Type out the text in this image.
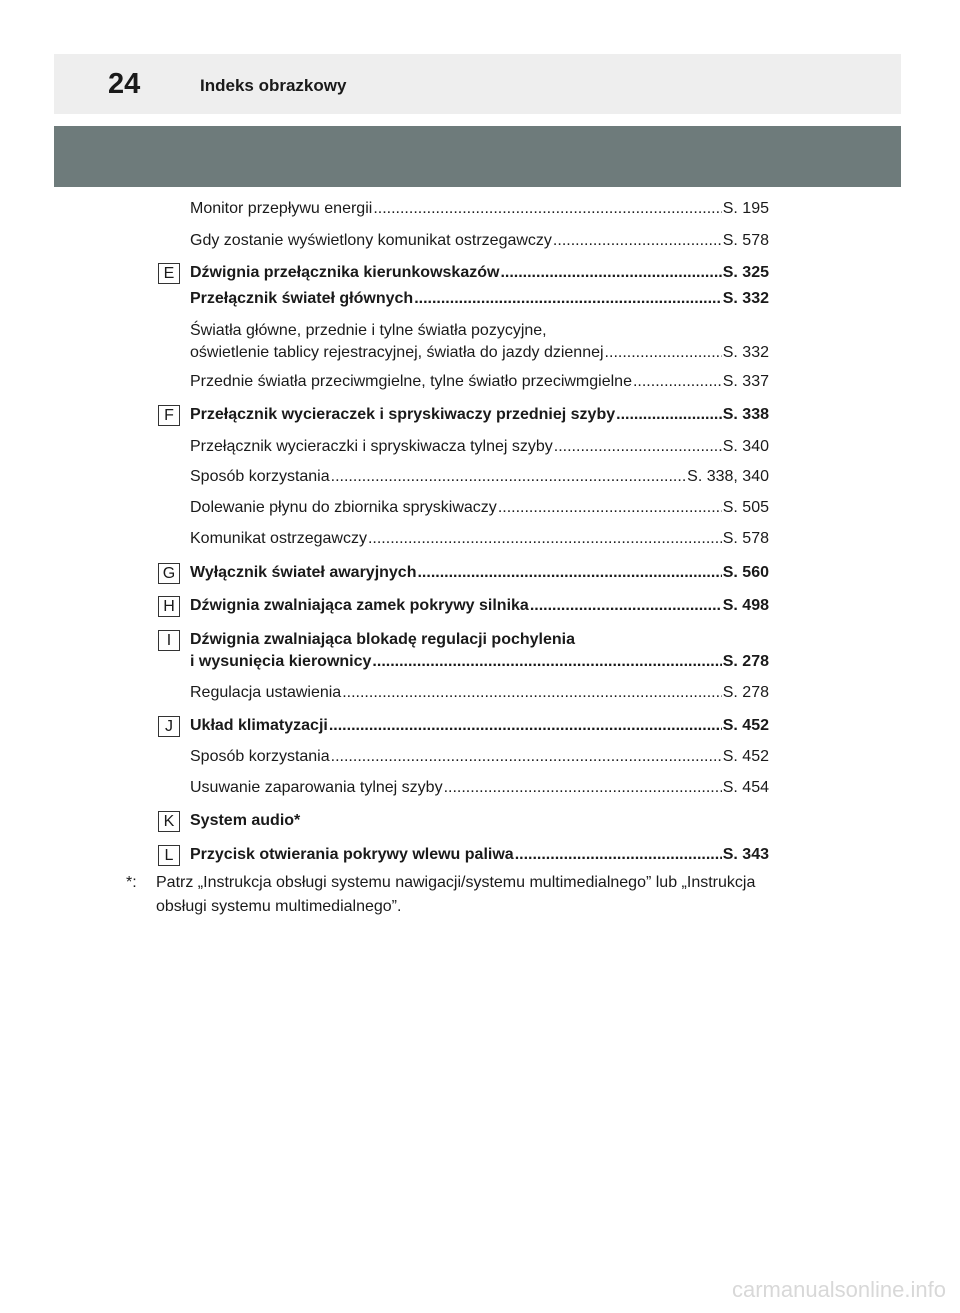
24	Indeks obrazkowy
Monitor przepływu energii .....	S. 195
Gdy zostanie wyświetlony komunikat ostrzegawczy .....	S. 578
E Dźwignia przełącznika kierunkowskazów .....	S. 325
Przełącznik świateł głównych .....	S. 332
Światła główne, przednie i tylne światła pozycyjne,
oświetlenie tablicy rejestracyjnej, światła do jazdy dziennej .....	S. 332
Przednie światła przeciwmgielne, tylne światło przeciwmgielne .....	S. 337
F	Przełącznik wycieraczek i spryskiwaczy przedniej szyby .....	S. 338
Przełącznik wycieraczki i spryskiwacza tylnej szyby .....	S. 340
Sposób korzystania .....	S. 338, 340
Dolewanie płynu do zbiornika spryskiwaczy .....	S. 505
Komunikat ostrzegawczy .....	S. 578
G Wyłącznik świateł awaryjnych .....	S. 560
H Dźwignia zwalniająca zamek pokrywy silnika .....	S. 498
I	Dźwignia zwalniająca blokadę regulacji pochylenia
i wysunięcia kierownicy .....	S. 278
Regulacja ustawienia .....	S. 278
J	Układ klimatyzacji .....	S. 452
Sposób korzystania .....	S. 452
Usuwanie zaparowania tylnej szyby .....	S. 454
K System audio*
L	Przycisk otwierania pokrywy wlewu paliwa .....	S. 343
*: Patrz „Instrukcja obsługi systemu nawigacji/systemu multimedialnego” lub „Instrukcja obsługi systemu multimedialnego”.
carmanualsonline.info
